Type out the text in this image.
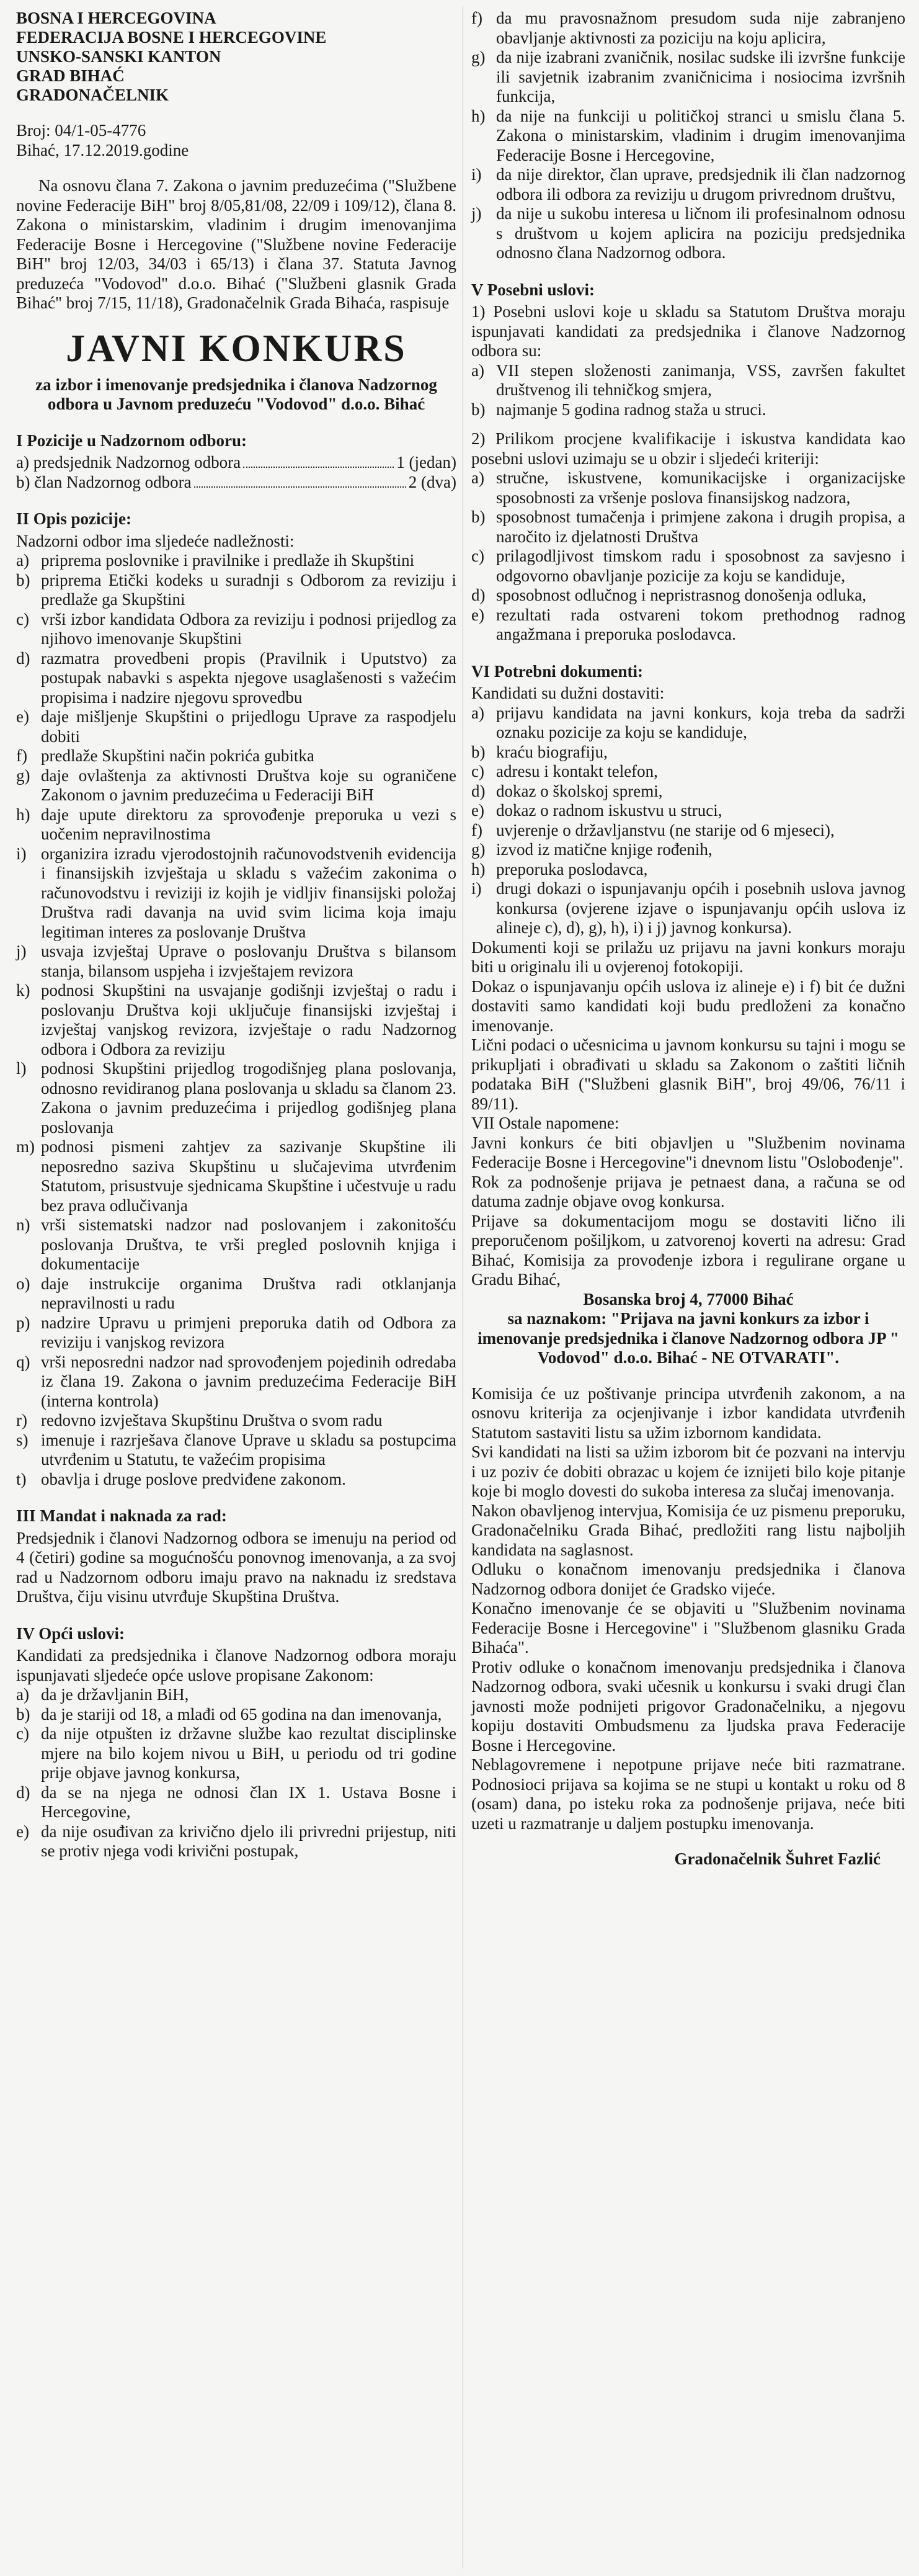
BOSNA I HERCEGOVINA
FEDERACIJA BOSNE I HERCEGOVINE
UNSKO-SANSKI KANTON
GRAD BIHAĆ
GRADONAČELNIK
Broj: 04/1-05-4776
Bihać, 17.12.2019.godine

Na osnovu člana 7. Zakona o javnim preduzećima ("Službene novine Federacije BiH" broj 8/05,81/08, 22/09 i 109/12), člana 8. Zakona o ministarskim, vladinim i drugim imenovanjima Federacije Bosne i Hercegovine ("Službene novine Federacije BiH" broj 12/03, 34/03 i 65/13) i člana 37. Statuta Javnog preduzeća "Vodovod" d.o.o. Bihać ("Službeni glasnik Grada Bihać" broj 7/15, 11/18), Gradonačelnik Grada Bihaća, raspisuje

JAVNI KONKURS
za izbor i imenovanje predsjednika i članova Nadzornog odbora u Javnom preduzeću "Vodovod" d.o.o. Bihać
I Pozicije u Nadzornom odboru:
a) predsjednik Nadzornog odbora	1 (jedan)
b) član Nadzornog odbora	2 (dva)
II Opis pozicije:

Nadzorni odbor ima sljedeće nadležnosti:

a) priprema poslovnike i pravilnike i predlaže ih Skupštini
b) priprema Etički kodeks u suradnji s Odborom za reviziju i predlaže ga Skupštini
c) vrši izbor kandidata Odbora za reviziju i podnosi prijedlog za njihovo imenovanje Skupštini
d) razmatra provedbeni propis (Pravilnik i Uputstvo) za postupak nabavki s aspekta njegove usaglašenosti s važećim propisima i nadzire njegovu sprovedbu
e) daje mišljenje Skupštini o prijedlogu Uprave za raspodjelu dobiti
f) predlaže Skupštini način pokrića gubitka
g) daje ovlaštenja za aktivnosti Društva koje su ograničene Zakonom o javnim preduzećima u Federaciji BiH
h) daje upute direktoru za sprovođenje preporuka u vezi s uočenim nepravilnostima
i) organizira izradu vjerodostojnih računovodstvenih evidencija i finansijskih izvještaja u skladu s važećim zakonima o računovodstvu i reviziji iz kojih je vidljiv finansijski položaj Društva radi davanja na uvid svim licima koja imaju legitiman interes za poslovanje Društva
j) usvaja izvještaj Uprave o poslovanju Društva s bilansom stanja, bilansom uspjeha i izvještajem revizora
k) podnosi Skupštini na usvajanje godišnji izvještaj o radu i poslovanju Društva koji uključuje finansijski izvještaj i izvještaj vanjskog revizora, izvještaje o radu Nadzornog odbora i Odbora za reviziju
l) podnosi Skupštini prijedlog trogodišnjeg plana poslovanja, odnosno revidiranog plana poslovanja u skladu sa članom 23. Zakona o javnim preduzećima i prijedlog godišnjeg plana poslovanja
m) podnosi pismeni zahtjev za sazivanje Skupštine ili neposredno saziva Skupštinu u slučajevima utvrđenim Statutom, prisustvuje sjednicama Skupštine i učestvuje u radu bez prava odlučivanja
n) vrši sistematski nadzor nad poslovanjem i zakonitošću poslovanja Društva, te vrši pregled poslovnih knjiga i dokumentacije
o) daje instrukcije organima Društva radi otklanjanja nepravilnosti u radu
p) nadzire Upravu u primjeni preporuka datih od Odbora za reviziju i vanjskog revizora
q) vrši neposredni nadzor nad sprovođenjem pojedinih odredaba iz člana 19. Zakona o javnim preduzećima Federacije BiH (interna kontrola)
r) redovno izvještava Skupštinu Društva o svom radu
s) imenuje i razrješava članove Uprave u skladu sa postupcima utvrđenim u Statutu, te važećim propisima
t) obavlja i druge poslove predviđene zakonom.
III Mandat i naknada za rad:

Predsjednik i članovi Nadzornog odbora se imenuju na period od 4 (četiri) godine sa mogućnošću ponovnog imenovanja, a za svoj rad u Nadzornom odboru imaju pravo na naknadu iz sredstava Društva, čiju visinu utvrđuje Skupština Društva.

IV Opći uslovi:

Kandidati za predsjednika i članove Nadzornog odbora moraju ispunjavati sljedeće opće uslove propisane Zakonom:

a) da je državljanin BiH,
b) da je stariji od 18, a mlađi od 65 godina na dan imenovanja,
c) da nije otpušten iz državne službe kao rezultat disciplinske mjere na bilo kojem nivou u BiH, u periodu od tri godine prije objave javnog konkursa,
d) da se na njega ne odnosi član IX 1. Ustava Bosne i Hercegovine,
e) da nije osuđivan za krivično djelo ili privredni prijestup, niti se protiv njega vodi krivični postupak,
f) da mu pravosnažnom presudom suda nije zabranjeno obavljanje aktivnosti za poziciju na koju aplicira,
g) da nije izabrani zvaničnik, nosilac sudske ili izvršne funkcije ili savjetnik izabranim zvaničnicima i nosiocima izvršnih funkcija,
h) da nije na funkciji u političkoj stranci u smislu člana 5. Zakona o ministarskim, vladinim i drugim imenovanjima Federacije Bosne i Hercegovine,
i) da nije direktor, član uprave, predsjednik ili član nadzornog odbora ili odbora za reviziju u drugom privrednom društvu,
j) da nije u sukobu interesa u ličnom ili profesinalnom odnosu s društvom u kojem aplicira na poziciju predsjednika odnosno člana Nadzornog odbora.
V Posebni uslovi:

1) Posebni uslovi koje u skladu sa Statutom Društva moraju ispunjavati kandidati za predsjednika i članove Nadzornog odbora su:

a) VII stepen složenosti zanimanja, VSS, završen fakultet društvenog ili tehničkog smjera,
b) najmanje 5 godina radnog staža u struci.

2) Prilikom procjene kvalifikacije i iskustva kandidata kao posebni uslovi uzimaju se u obzir i sljedeći kriteriji:

a) stručne, iskustvene, komunikacijske i organizacijske sposobnosti za vršenje poslova finansijskog nadzora,
b) sposobnost tumačenja i primjene zakona i drugih propisa, a naročito iz djelatnosti Društva
c) prilagodljivost timskom radu i sposobnost za savjesno i odgovorno obavljanje pozicije za koju se kandiduje,
d) sposobnost odlučnog i nepristrasnog donošenja odluka,
e) rezultati rada ostvareni tokom prethodnog radnog angažmana i preporuka poslodavca.
VI Potrebni dokumenti:

Kandidati su dužni dostaviti:

a) prijavu kandidata na javni konkurs, koja treba da sadrži oznaku pozicije za koju se kandiduje,
b) kraću biografiju,
c) adresu i kontakt telefon,
d) dokaz o školskoj spremi,
e) dokaz o radnom iskustvu u struci,
f) uvjerenje o državljanstvu (ne starije od 6 mjeseci),
g) izvod iz matične knjige rođenih,
h) preporuka poslodavca,
i) drugi dokazi o ispunjavanju općih i posebnih uslova javnog konkursa (ovjerene izjave o ispunjavanju općih uslova iz alineje c), d), g), h), i) i j) javnog konkursa).

Dokumenti koji se prilažu uz prijavu na javni konkurs moraju biti u originalu ili u ovjerenoj fotokopiji.

Dokaz o ispunjavanju općih uslova iz alineje e) i f) bit će dužni dostaviti samo kandidati koji budu predloženi za konačno imenovanje.

Lični podaci o učesnicima u javnom konkursu su tajni i mogu se prikupljati i obrađivati u skladu sa Zakonom o zaštiti ličnih podataka BiH ("Službeni glasnik BiH", broj 49/06, 76/11 i 89/11).

VII Ostale napomene:

Javni konkurs će biti objavljen u "Službenim novinama Federacije Bosne i Hercegovine"i dnevnom listu "Oslobođenje".

Rok za podnošenje prijava je petnaest dana, a računa se od datuma zadnje objave ovog konkursa.

Prijave sa dokumentacijom mogu se dostaviti lično ili preporučenom pošiljkom, u zatvorenoj koverti na adresu: Grad Bihać, Komisija za provođenje izbora i regulirane organe u Gradu Bihać,

Bosanska broj 4, 77000 Bihać
sa naznakom: "Prijava na javni konkurs za izbor i imenovanje predsjednika i članove Nadzornog odbora JP " Vodovod" d.o.o. Bihać - NE OTVARATI".

Komisija će uz poštivanje principa utvrđenih zakonom, a na osnovu kriterija za ocjenjivanje i izbor kandidata utvrđenih Statutom sastaviti listu sa užim izbornom kandidata.

Svi kandidati na listi sa užim izborom bit će pozvani na intervju i uz poziv će dobiti obrazac u kojem će iznijeti bilo koje pitanje koje bi moglo dovesti do sukoba interesa za slučaj imenovanja.

Nakon obavljenog intervjua, Komisija će uz pismenu preporuku, Gradonačelniku Grada Bihać, predložiti rang listu najboljih kandidata na saglasnost.

Odluku o konačnom imenovanju predsjednika i članova Nadzornog odbora donijet će Gradsko vijeće.

Konačno imenovanje će se objaviti u "Službenim novinama Federacije Bosne i Hercegovine" i "Službenom glasniku Grada Bihaća".

Protiv odluke o konačnom imenovanju predsjednika i članova Nadzornog odbora, svaki učesnik u konkursu i svaki drugi član javnosti može podnijeti prigovor Gradonačelniku, a njegovu kopiju dostaviti Ombudsmenu za ljudska prava Federacije Bosne i Hercegovine.

Neblagovremene i nepotpune prijave neće biti razmatrane. Podnosioci prijava sa kojima se ne stupi u kontakt u roku od 8 (osam) dana, po isteku roka za podnošenje prijava, neće biti uzeti u razmatranje u daljem postupku imenovanja.

Gradonačelnik Šuhret Fazlić
